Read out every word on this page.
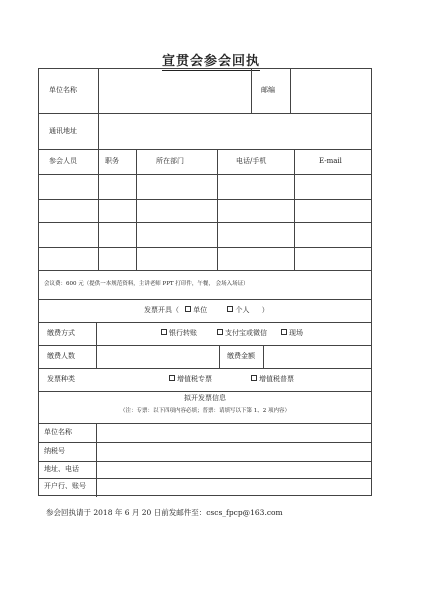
宣贯会参会回执
单位名称	邮编
通讯地址
参会人员	职务	所在部门	电话/手机	E-mail
会议费：600 元（提供一本规范资料，主讲老师 PPT 打印件，午餐， 会场入场证）
发票开具（ 单位	个人 ）
缴费方式	银行转账	支付宝或微信	现场
缴费人数	缴费金额
发票种类	增值税专票	增值税普票
拟开发票信息
（注：专票：以下四项内容必填；普票：请填写以下第 1、2 项内容）
单位名称
纳税号
地址、电话
开户行、账号
参会回执请于 2018 年 6 月 20 日前发邮件至：cscs_fpcp@163.com
